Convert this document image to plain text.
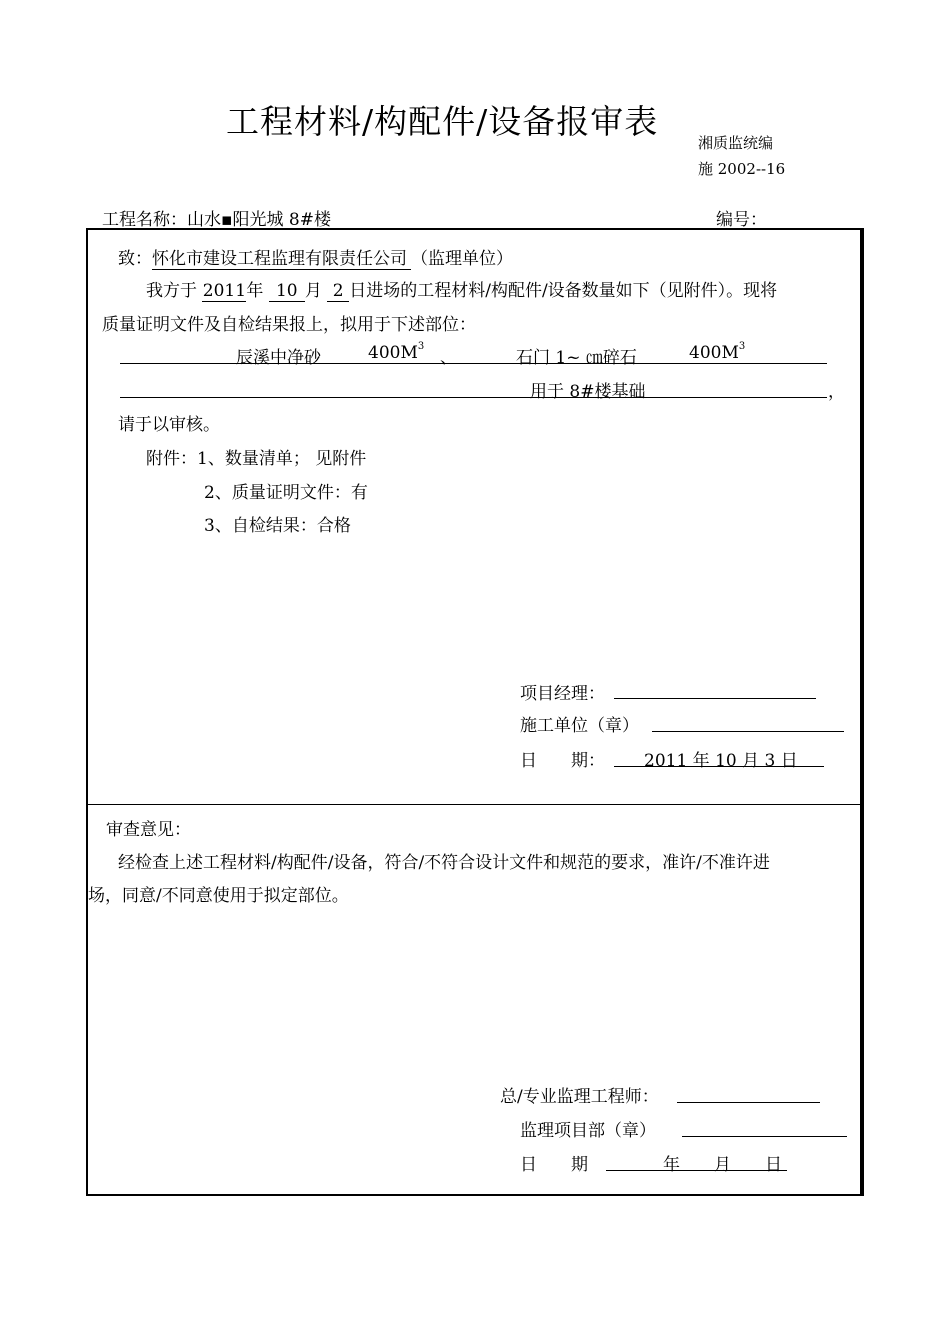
工程材料/构配件/设备报审表
湘质监统编
施 2002--16
工程名称：山水▪阳光城 8#楼	编号：
致：怀化市建设工程监理有限责任公司 （监理单位）
我方于 2011年 10 月 2 日进场的工程材料/构配件/设备数量如下（见附件）。现将
质量证明文件及自检结果报上，拟用于下述部位：
辰溪中净砂	$400M^3$
、	石门 1~ ㎝碎石	$400M^3$
用于 8#楼基础	，
请于以审核。
附件：1、数量清单； 见附件
2、质量证明文件：有
3、自检结果：合格
项目经理：
施工单位（章）
日　　期： 2011 年 10 月 3 日
审查意见：
经检查上述工程材料/构配件/设备，符合/不符合设计文件和规范的要求，准许/不准许进
场，同意/不同意使用于拟定部位。
总/专业监理工程师：
监理项目部（章）
日　　期	年　　月　　日
